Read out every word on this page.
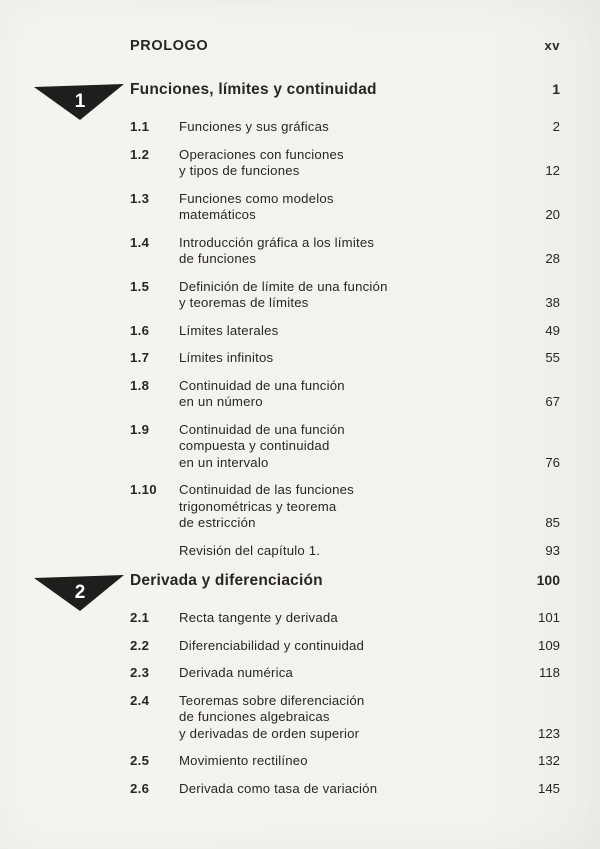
PROLOGO	xv
1
Funciones, límites y continuidad	1
1.1	Funciones y sus gráficas	2
1.2	Operaciones con funciones
y tipos de funciones	12
1.3	Funciones como modelos
matemáticos	20
1.4	Introducción gráfica a los límites
de funciones	28
1.5	Definición de límite de una función
y teoremas de límites	38
1.6	Límites laterales	49
1.7	Límites infinitos	55
1.8	Continuidad de una función
en un número	67
1.9	Continuidad de una función
compuesta y continuidad
en un intervalo	76
1.10	Continuidad de las funciones
trigonométricas y teorema
de estricción	85
Revisión del capítulo 1.	93
2
Derivada y diferenciación	100
2.1	Recta tangente y derivada	101
2.2	Diferenciabilidad y continuidad	109
2.3	Derivada numérica	118
2.4	Teoremas sobre diferenciación
de funciones algebraicas
y derivadas de orden superior	123
2.5	Movimiento rectilíneo	132
2.6	Derivada como tasa de variación	145
